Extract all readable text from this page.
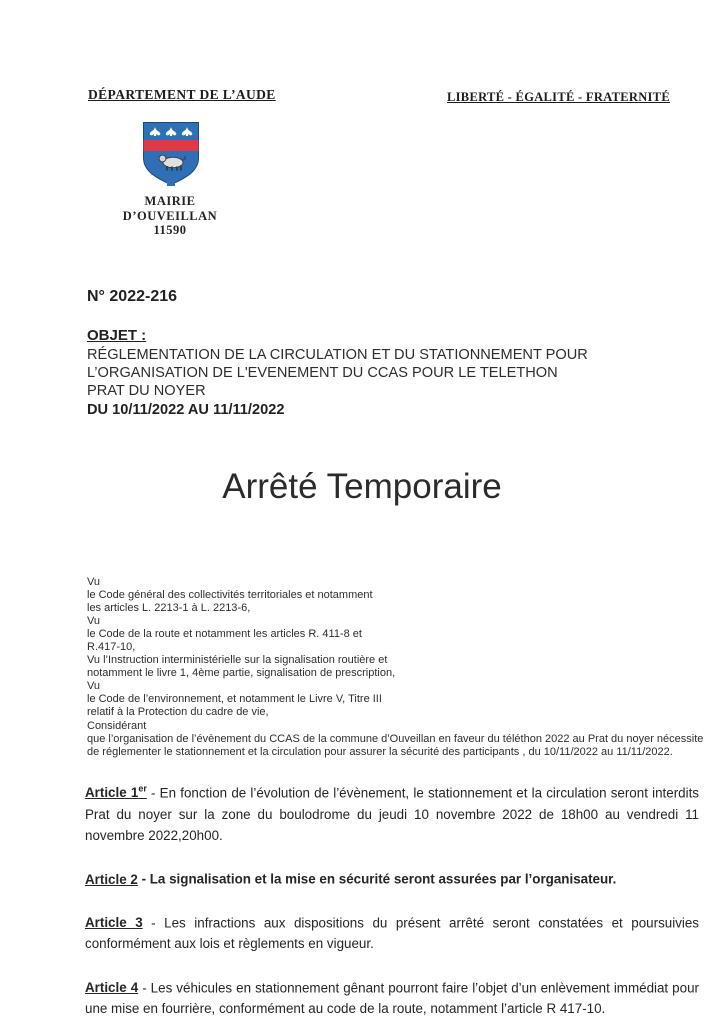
DÉPARTEMENT DE L’AUDE	LIBERTÉ - ÉGALITÉ - FRATERNITÉ
MAIRIE
D’OUVEILLAN
11590
N° 2022-216
OBJET :
RÉGLEMENTATION DE LA CIRCULATION ET DU STATIONNEMENT POUR
L’ORGANISATION DE L'EVENEMENT DU CCAS POUR LE TELETHON
PRAT DU NOYER
DU 10/11/2022 AU 11/11/2022
Arrêté Temporaire
Vu
le Code général des collectivités territoriales et notamment
les articles L. 2213-1 à L. 2213-6,
Vu
le Code de la route et notamment les articles R. 411-8 et
R.417-10,
Vu l’Instruction interministérielle sur la signalisation routière et
notamment le livre 1, 4ème partie, signalisation de prescription,
Vu
le Code de l’environnement, et notamment le Livre V, Titre III
relatif à la Protection du cadre de vie,
Considérant
que l’organisation de l’évènement du CCAS de la commune d’Ouveillan en faveur du téléthon 2022 au Prat du noyer nécessite
de réglementer le stationnement et la circulation pour assurer la sécurité des participants , du 10/11/2022 au 11/11/2022.

Article 1er - En fonction de l’évolution de l’évènement, le stationnement et la circulation seront interdits Prat du noyer sur la zone du boulodrome du jeudi 10 novembre 2022 de 18h00 au vendredi 11 novembre 2022,20h00.

Article 2 - La signalisation et la mise en sécurité seront assurées par l’organisateur.

Article 3 - Les infractions aux dispositions du présent arrêté seront constatées et poursuivies conformément aux lois et règlements en vigueur.

Article 4 - Les véhicules en stationnement gênant pourront faire l’objet d’un enlèvement immédiat pour une mise en fourrière, conformément au code de la route, notamment l’article R 417-10.
